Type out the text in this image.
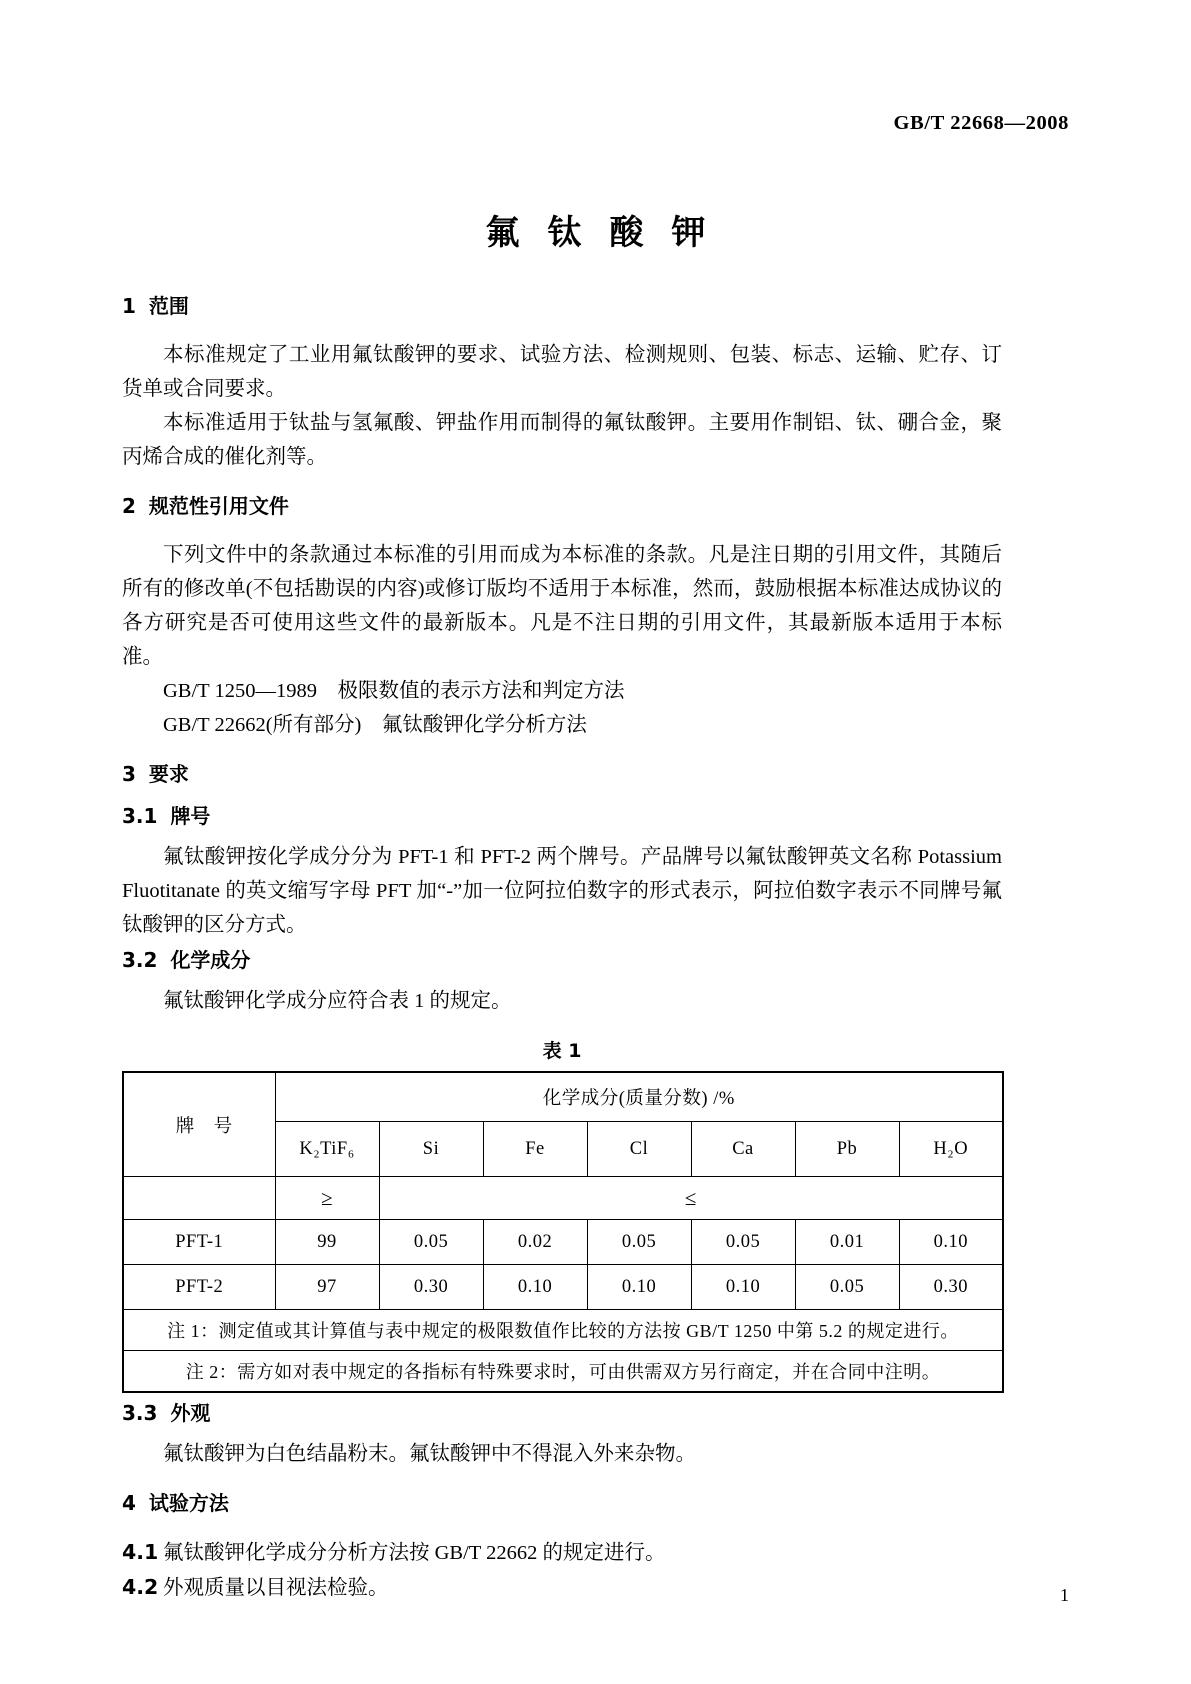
GB/T 22668—2008
氟钛酸钾
1 范围

本标准规定了工业用氟钛酸钾的要求、试验方法、检测规则、包装、标志、运输、贮存、订货单或合同要求。

本标准适用于钛盐与氢氟酸、钾盐作用而制得的氟钛酸钾。主要用作制铝、钛、硼合金，聚丙烯合成的催化剂等。

2 规范性引用文件

下列文件中的条款通过本标准的引用而成为本标准的条款。凡是注日期的引用文件，其随后所有的修改单(不包括勘误的内容)或修订版均不适用于本标准，然而，鼓励根据本标准达成协议的各方研究是否可使用这些文件的最新版本。凡是不注日期的引用文件，其最新版本适用于本标准。

GB/T 1250—1989　极限数值的表示方法和判定方法

GB/T 22662(所有部分)　氟钛酸钾化学分析方法

3 要求
3.1 牌号

氟钛酸钾按化学成分分为 PFT-1 和 PFT-2 两个牌号。产品牌号以氟钛酸钾英文名称 Potassium Fluotitanate 的英文缩写字母 PFT 加“-”加一位阿拉伯数字的形式表示，阿拉伯数字表示不同牌号氟钛酸钾的区分方式。

3.2 化学成分

氟钛酸钾化学成分应符合表 1 的规定。

表 1
牌　号	化学成分(质量分数) /%						
	K₂TiF₆	Si	Fe	Cl	Ca	Pb	H₂O
	≥	≤					
PFT-1	99	0.05	0.02	0.05	0.05	0.01	0.10
PFT-2	97	0.30	0.10	0.10	0.10	0.05	0.30
注 1：测定值或其计算值与表中规定的极限数值作比较的方法按 GB/T 1250 中第 5.2 的规定进行。							
注 2：需方如对表中规定的各指标有特殊要求时，可由供需双方另行商定，并在合同中注明。							
3.3 外观

氟钛酸钾为白色结晶粉末。氟钛酸钾中不得混入外来杂物。

4 试验方法

4.1 氟钛酸钾化学成分分析方法按 GB/T 22662 的规定进行。

4.2 外观质量以目视法检验。	1
